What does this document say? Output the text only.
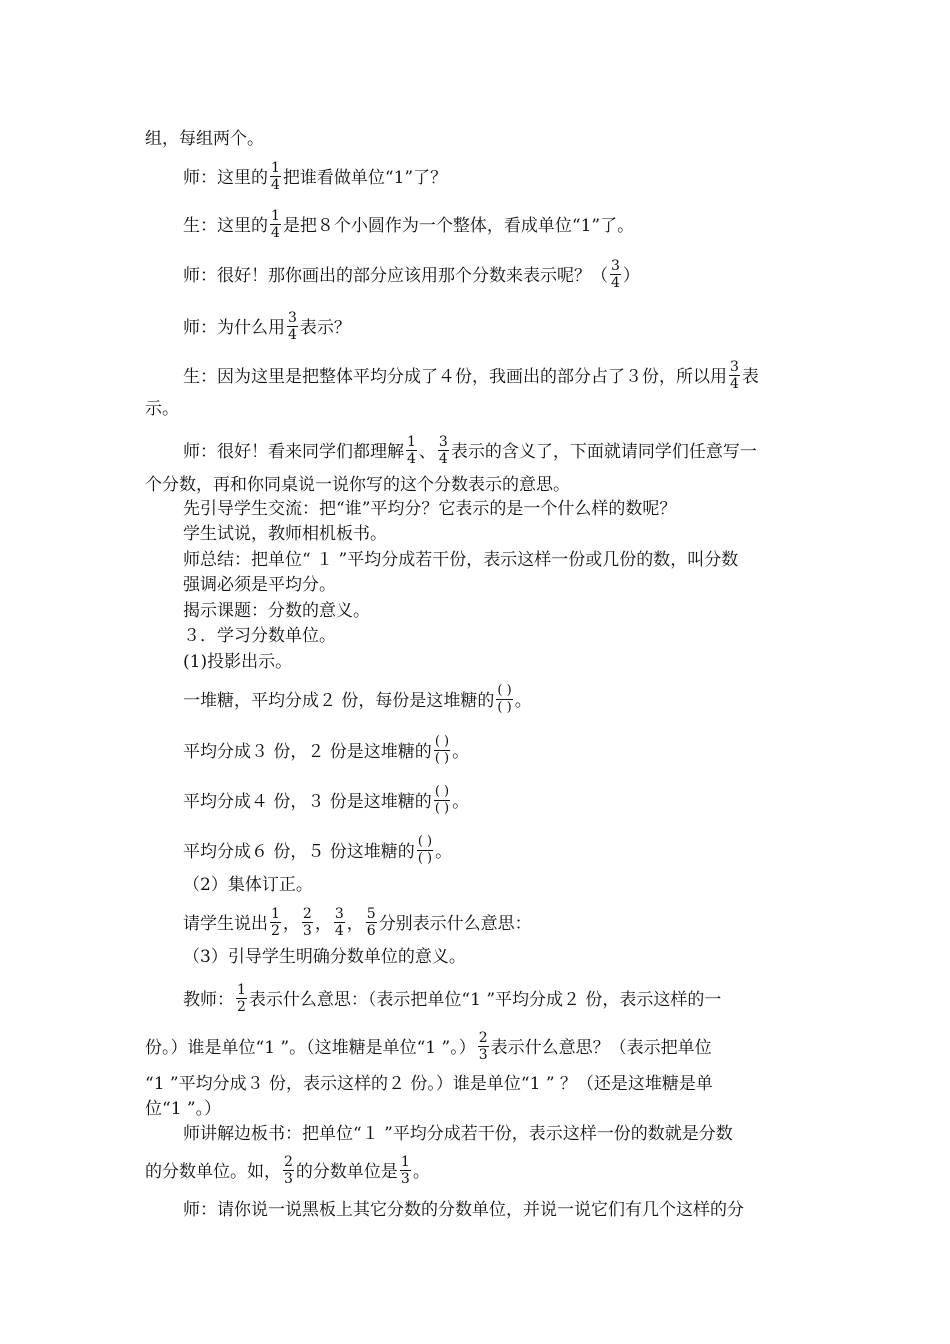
组，每组两个。
师：这里的 $\frac{1}{4}$ 把谁看做单位“1”了？
生：这里的 $\frac{1}{4}$ 是把８个小圆作为一个整体，看成单位“1”了。
师：很好！那你画出的部分应该用那个分数来表示呢？（ $\frac{3}{4}$ ）
师：为什么用 $\frac{3}{4}$ 表示？
生：因为这里是把整体平均分成了４份，我画出的部分占了３份，所以用 $\frac{3}{4}$ 表
示。
师：很好！看来同学们都理解 $\frac{1}{4}$ 、 $\frac{3}{4}$ 表示的含义了，下面就请同学们任意写一
个分数，再和你同桌说一说你写的这个分数表示的意思。
先引导学生交流：把“谁”平均分？它表示的是一个什么样的数呢？
学生试说，教师相机板书。
师总结：把单位“ １ ”平均分成若干份，表示这样一份或几份的数，叫分数
强调必须是平均分。
揭示课题：分数的意义。
３．学习分数单位。
(1)投影出示。
一堆糖，平均分成２ 份，每份是这堆糖的 $\frac{( )}{( )}$ 。
平均分成３ 份，２ 份是这堆糖的 $\frac{( )}{( )}$ 。
平均分成４ 份，３ 份是这堆糖的 $\frac{( )}{( )}$ 。
平均分成６ 份，５ 份这堆糖的 $\frac{( )}{( )}$ 。
（2）集体订正。
请学生说出 $\frac{1}{2}$ ， $\frac{2}{3}$ ， $\frac{3}{4}$ ， $\frac{5}{6}$ 分别表示什么意思：
（3）引导学生明确分数单位的意义。
教师： $\frac{1}{2}$ 表示什么意思：（表示把单位“1 ”平均分成２ 份，表示这样的一
份。）谁是单位“1 ”。（这堆糖是单位“1 ”。） $\frac{2}{3}$ 表示什么意思？（表示把单位
“1 ”平均分成３ 份，表示这样的２ 份。）谁是单位“1 ” ？（还是这堆糖是单
位“1 ”。）
师讲解边板书：把单位“１ ”平均分成若干份，表示这样一份的数就是分数
的分数单位。如， $\frac{2}{3}$ 的分数单位是 $\frac{1}{3}$ 。
师：请你说一说黑板上其它分数的分数单位，并说一说它们有几个这样的分
